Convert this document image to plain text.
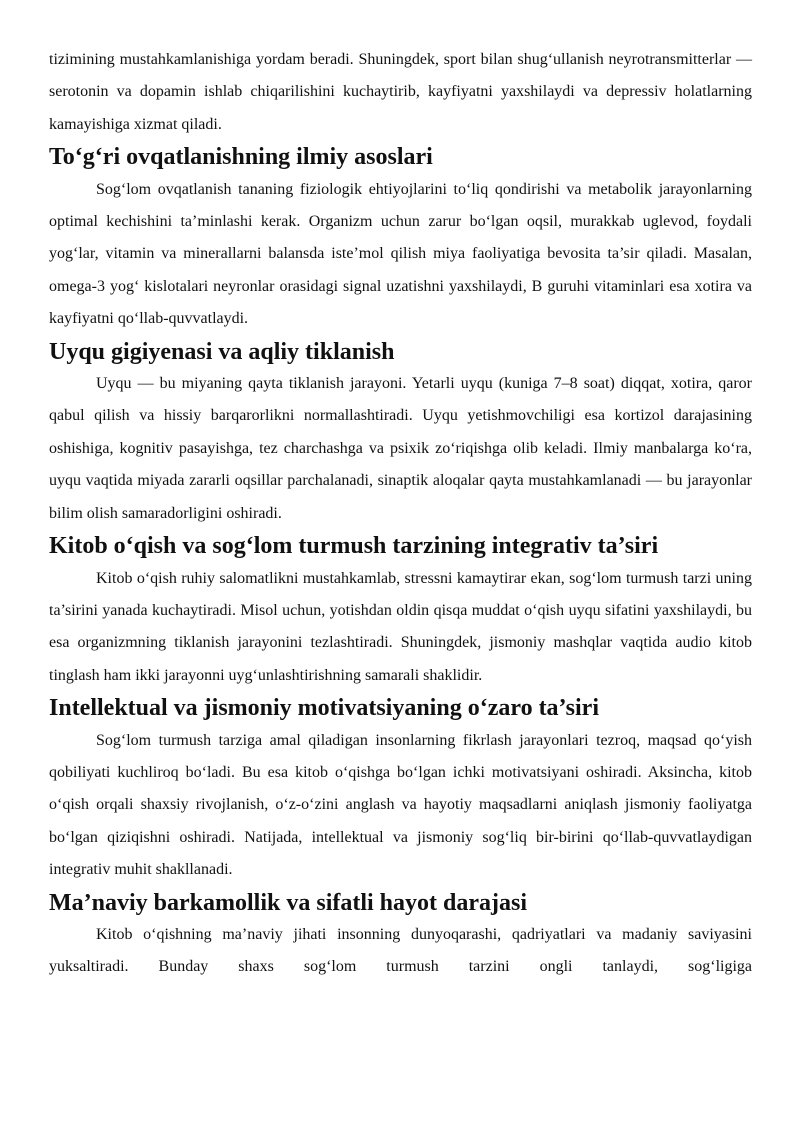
tizimining mustahkamlanishiga yordam beradi. Shuningdek, sport bilan shug‘ullanish neyrotransmitterlar — serotonin va dopamin ishlab chiqarilishini kuchaytirib, kayfiyatni yaxshilaydi va depressiv holatlarning kamayishiga xizmat qiladi.

To‘g‘ri ovqatlanishning ilmiy asoslari

Sog‘lom ovqatlanish tananing fiziologik ehtiyojlarini to‘liq qondirishi va metabolik jarayonlarning optimal kechishini ta’minlashi kerak. Organizm uchun zarur bo‘lgan oqsil, murakkab uglevod, foydali yog‘lar, vitamin va minerallarni balansda iste’mol qilish miya faoliyatiga bevosita ta’sir qiladi. Masalan, omega-3 yog‘ kislotalari neyronlar orasidagi signal uzatishni yaxshilaydi, B guruhi vitaminlari esa xotira va kayfiyatni qo‘llab-quvvatlaydi.

Uyqu gigiyenasi va aqliy tiklanish

Uyqu — bu miyaning qayta tiklanish jarayoni. Yetarli uyqu (kuniga 7–8 soat) diqqat, xotira, qaror qabul qilish va hissiy barqarorlikni normallashtiradi. Uyqu yetishmovchiligi esa kortizol darajasining oshishiga, kognitiv pasayishga, tez charchashga va psixik zo‘riqishga olib keladi. Ilmiy manbalarga ko‘ra, uyqu vaqtida miyada zararli oqsillar parchalanadi, sinaptik aloqalar qayta mustahkamlanadi — bu jarayonlar bilim olish samaradorligini oshiradi.

Kitob o‘qish va sog‘lom turmush tarzining integrativ ta’siri

Kitob o‘qish ruhiy salomatlikni mustahkamlab, stressni kamaytirar ekan, sog‘lom turmush tarzi uning ta’sirini yanada kuchaytiradi. Misol uchun, yotishdan oldin qisqa muddat o‘qish uyqu sifatini yaxshilaydi, bu esa organizmning tiklanish jarayonini tezlashtiradi. Shuningdek, jismoniy mashqlar vaqtida audio kitob tinglash ham ikki jarayonni uyg‘unlashtirishning samarali shaklidir.

Intellektual va jismoniy motivatsiyaning o‘zaro ta’siri

Sog‘lom turmush tarziga amal qiladigan insonlarning fikrlash jarayonlari tezroq, maqsad qo‘yish qobiliyati kuchliroq bo‘ladi. Bu esa kitob o‘qishga bo‘lgan ichki motivatsiyani oshiradi. Aksincha, kitob o‘qish orqali shaxsiy rivojlanish, o‘z-o‘zini anglash va hayotiy maqsadlarni aniqlash jismoniy faoliyatga bo‘lgan qiziqishni oshiradi. Natijada, intellektual va jismoniy sog‘liq bir-birini qo‘llab-quvvatlaydigan integrativ muhit shakllanadi.

Ma’naviy barkamollik va sifatli hayot darajasi

Kitob o‘qishning ma’naviy jihati insonning dunyoqarashi, qadriyatlari va madaniy saviyasini yuksaltiradi. Bunday shaxs sog‘lom turmush tarzini ongli tanlaydi, sog‘ligiga
